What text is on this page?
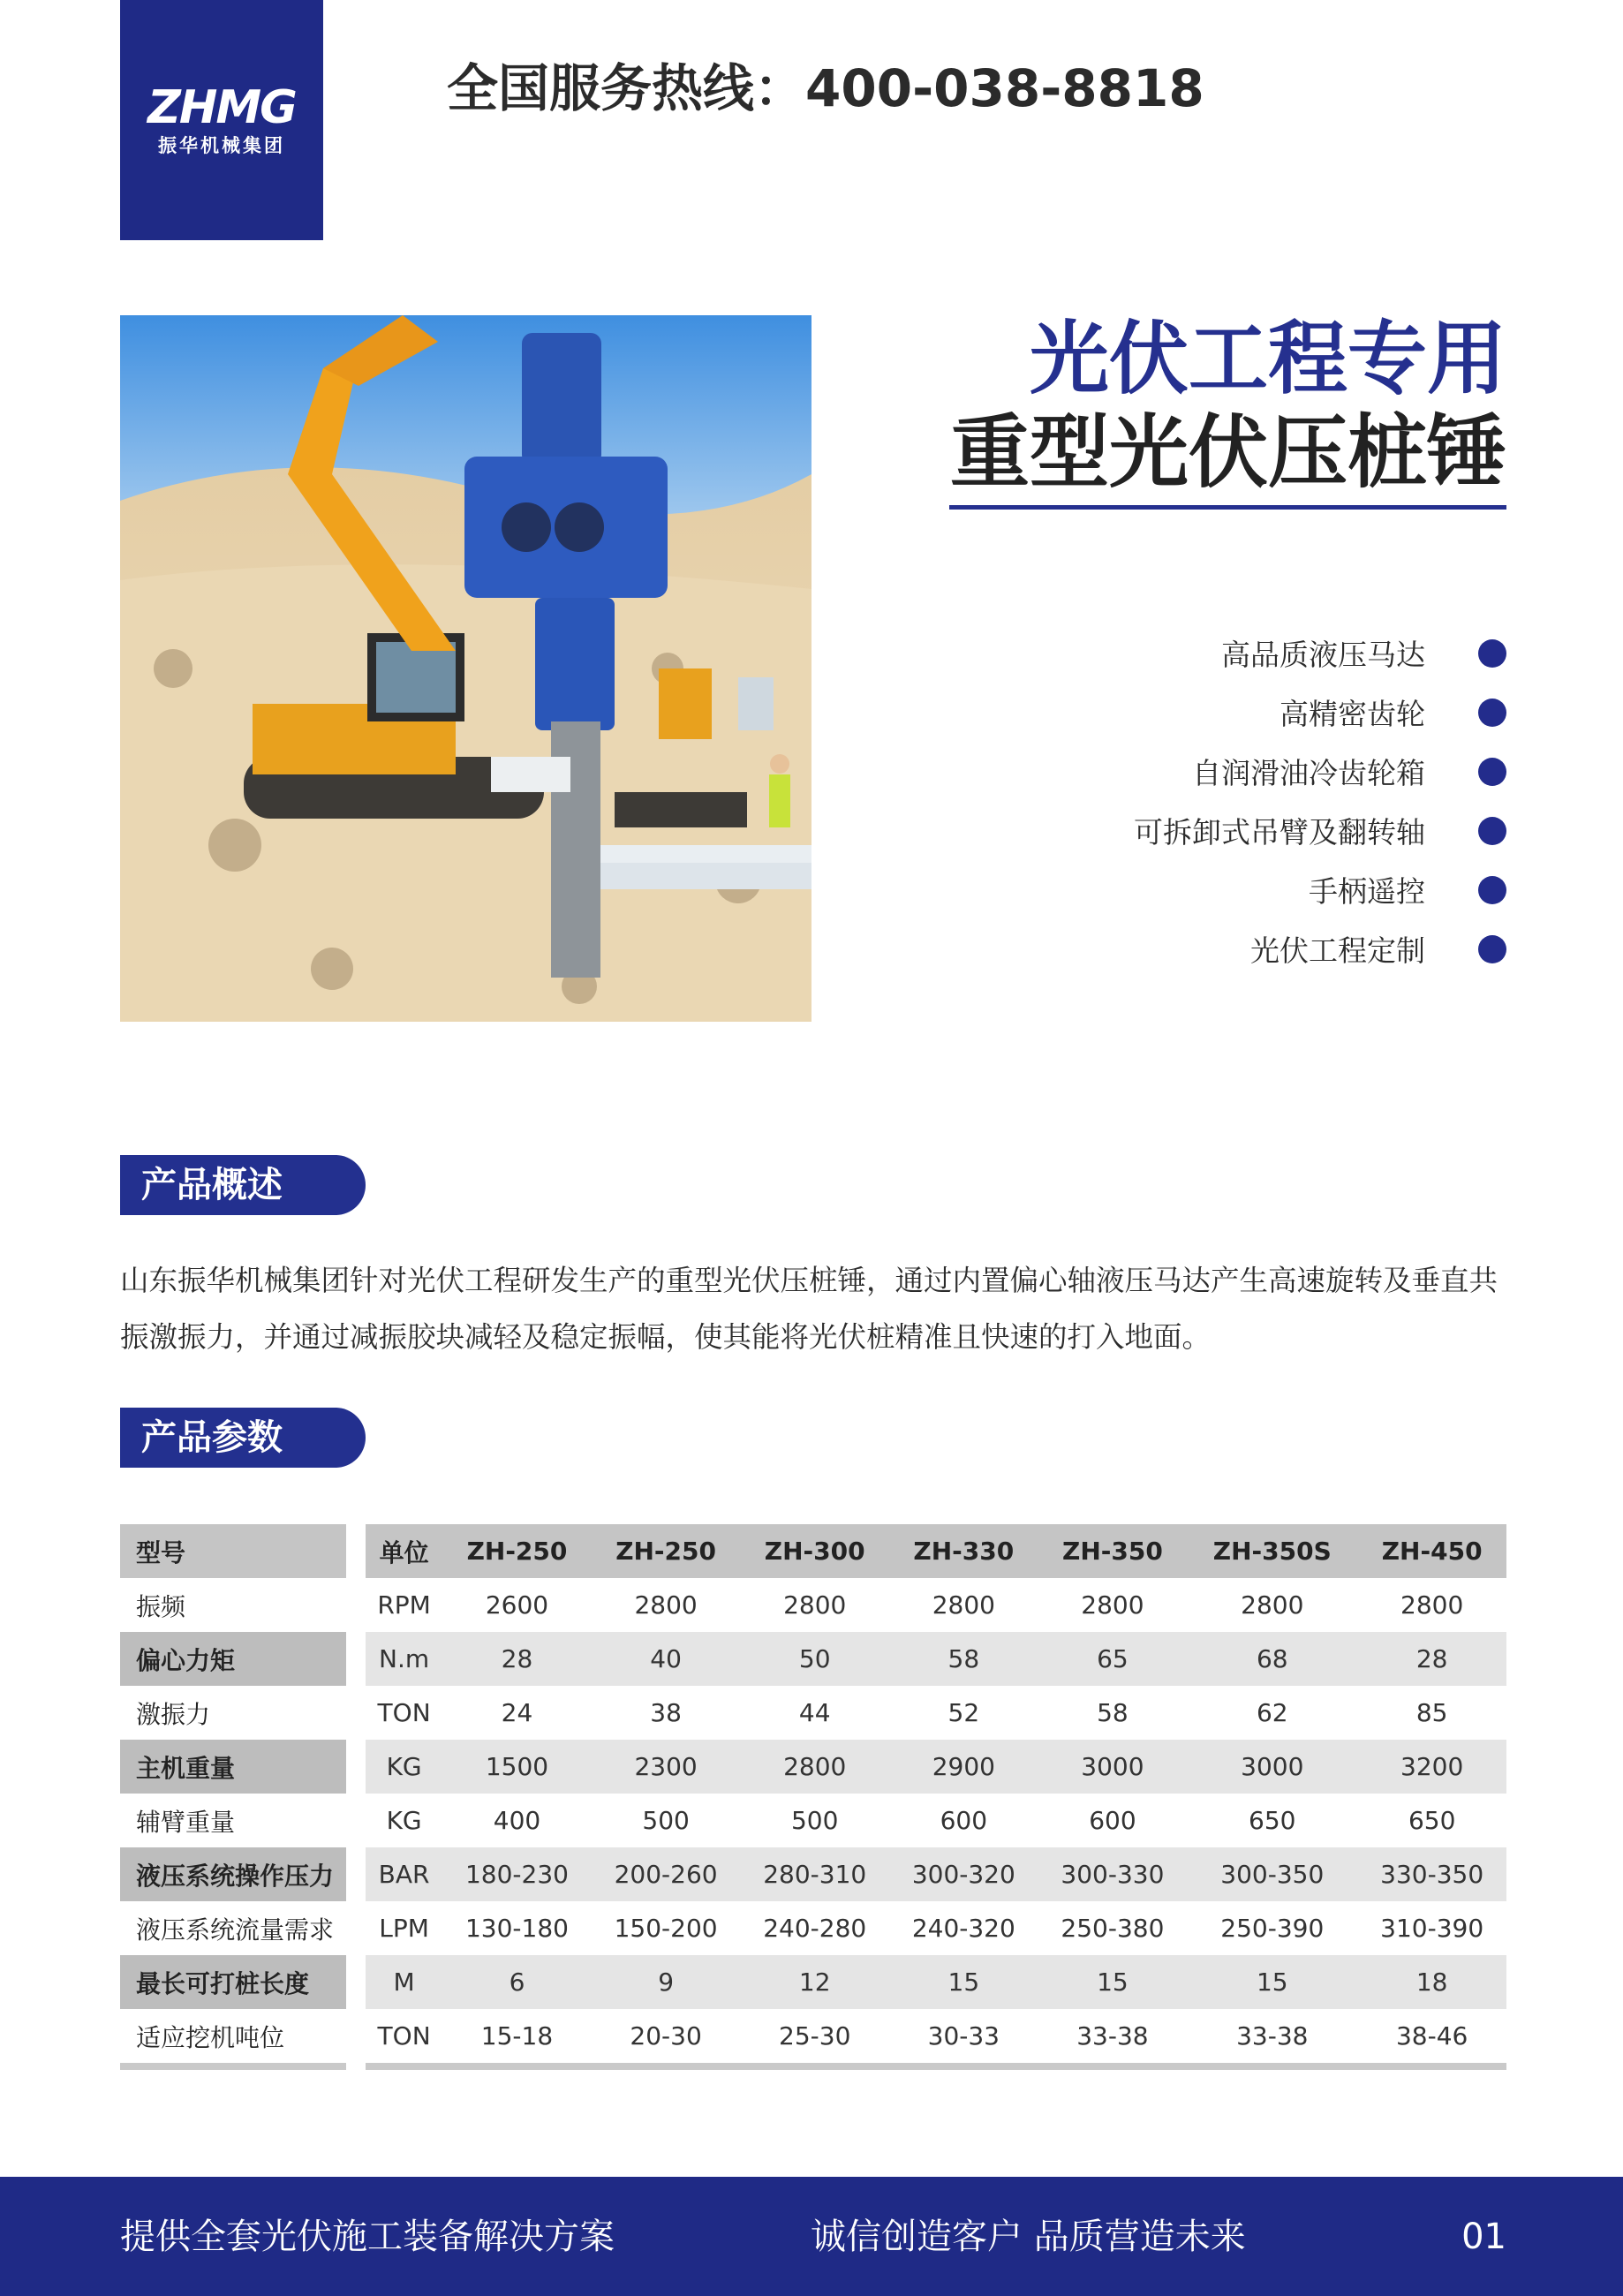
ZHMG
振华机械集团
全国服务热线：400-038-8818
光伏工程专用
重型光伏压桩锤
高品质液压马达
高精密齿轮
自润滑油冷齿轮箱
可拆卸式吊臂及翻转轴
手柄遥控
光伏工程定制
产品概述
山东振华机械集团针对光伏工程研发生产的重型光伏压桩锤，通过内置偏心轴液压马达产生高速旋转及垂直共振激振力，并通过减振胶块减轻及稳定振幅，使其能将光伏桩精准且快速的打入地面。
产品参数
型号		单位	ZH-250	ZH-250	ZH-300	ZH-330	ZH-350	ZH-350S	ZH-450
振频		RPM	2600	2800	2800	2800	2800	2800	2800
偏心力矩		N.m	28	40	50	58	65	68	28
激振力		TON	24	38	44	52	58	62	85
主机重量		KG	1500	2300	2800	2900	3000	3000	3200
辅臂重量		KG	400	500	500	600	600	650	650
液压系统操作压力		BAR	180-230	200-260	280-310	300-320	300-330	300-350	330-350
液压系统流量需求		LPM	130-180	150-200	240-280	240-320	250-380	250-390	310-390
最长可打桩长度		M	6	9	12	15	15	15	18
适应挖机吨位		TON	15-18	20-30	25-30	30-33	33-38	33-38	38-46

提供全套光伏施工装备解决方案	诚信创造客户 品质营造未来	01
